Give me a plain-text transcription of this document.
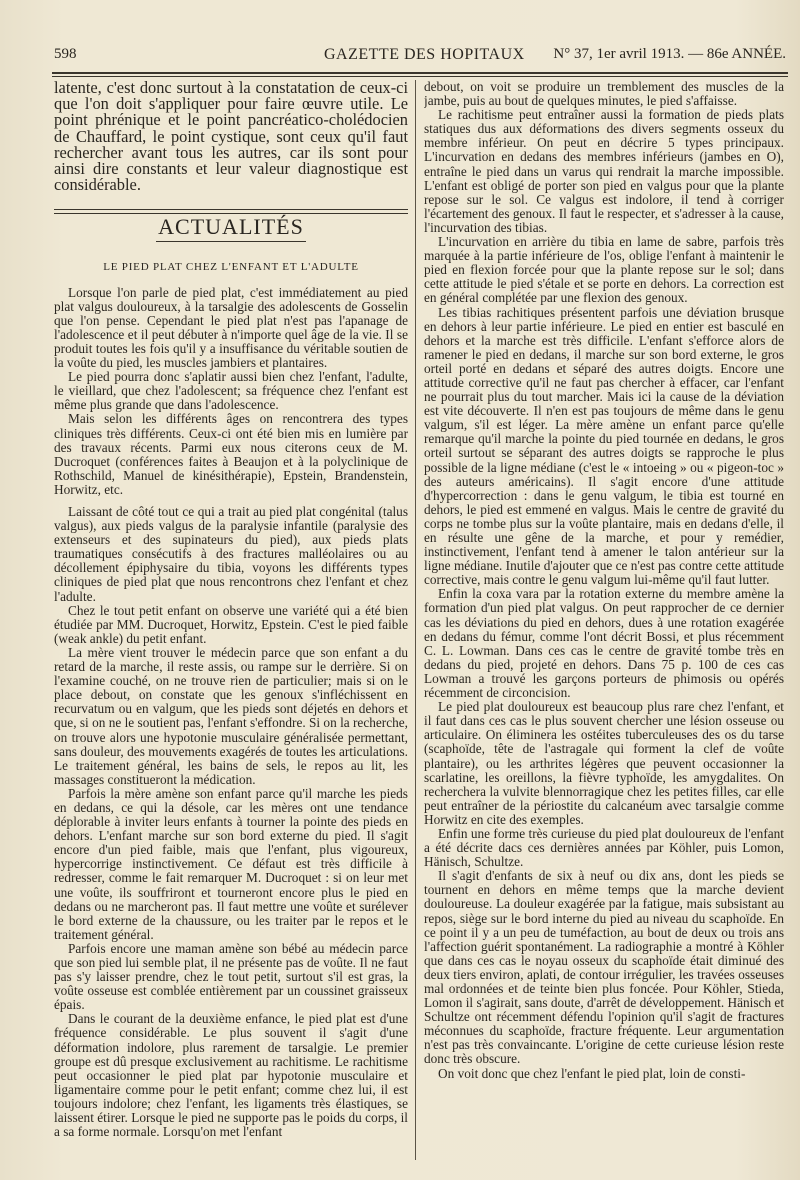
598	GAZETTE DES HOPITAUX N° 37, 1er avril 1913. — 86e ANNÉE.

latente, c'est donc surtout à la constatation de ceux-ci que l'on doit s'appliquer pour faire œuvre utile. Le point phrénique et le point pancréatico-cholédocien de Chauffard, le point cystique, sont ceux qu'il faut rechercher avant tous les autres, car ils sont pour ainsi dire constants et leur valeur diagnostique est considérable.

ACTUALITÉS
LE PIED PLAT CHEZ L'ENFANT ET L'ADULTE

Lorsque l'on parle de pied plat, c'est immédiatement au pied plat valgus douloureux, à la tarsalgie des adolescents de Gosselin que l'on pense. Cependant le pied plat n'est pas l'apanage de l'adolescence et il peut débuter à n'importe quel âge de la vie. Il se produit toutes les fois qu'il y a insuffisance du véritable soutien de la voûte du pied, les muscles jambiers et plantaires.

Le pied pourra donc s'aplatir aussi bien chez l'enfant, l'adulte, le vieillard, que chez l'adolescent; sa fréquence chez l'enfant est même plus grande que dans l'adolescence.

Mais selon les différents âges on rencontrera des types cliniques très différents. Ceux-ci ont été bien mis en lumière par des travaux récents. Parmi eux nous citerons ceux de M. Ducroquet (conférences faites à Beaujon et à la polyclinique de Rothschild, Manuel de kinésithérapie), Epstein, Brandenstein, Horwitz, etc.

Laissant de côté tout ce qui a trait au pied plat congénital (talus valgus), aux pieds valgus de la paralysie infantile (paralysie des extenseurs et des supinateurs du pied), aux pieds plats traumatiques consécutifs à des fractures malléolaires ou au décollement épiphysaire du tibia, voyons les différents types cliniques de pied plat que nous rencontrons chez l'enfant et chez l'adulte.

Chez le tout petit enfant on observe une variété qui a été bien étudiée par MM. Ducroquet, Horwitz, Epstein. C'est le pied faible (weak ankle) du petit enfant.

La mère vient trouver le médecin parce que son enfant a du retard de la marche, il reste assis, ou rampe sur le derrière. Si on l'examine couché, on ne trouve rien de particulier; mais si on le place debout, on constate que les genoux s'infléchissent en recurvatum ou en valgum, que les pieds sont déjetés en dehors et que, si on ne le soutient pas, l'enfant s'effondre. Si on la recherche, on trouve alors une hypotonie musculaire généralisée permettant, sans douleur, des mouvements exagérés de toutes les articulations. Le traitement général, les bains de sels, le repos au lit, les massages constitueront la médication.

Parfois la mère amène son enfant parce qu'il marche les pieds en dedans, ce qui la désole, car les mères ont une tendance déplorable à inviter leurs enfants à tourner la pointe des pieds en dehors. L'enfant marche sur son bord externe du pied. Il s'agit encore d'un pied faible, mais que l'enfant, plus vigoureux, hypercorrige instinctivement. Ce défaut est très difficile à redresser, comme le fait remarquer M. Ducroquet : si on leur met une voûte, ils souffriront et tourneront encore plus le pied en dedans ou ne marcheront pas. Il faut mettre une voûte et surélever le bord externe de la chaussure, ou les traiter par le repos et le traitement général.

Parfois encore une maman amène son bébé au médecin parce que son pied lui semble plat, il ne présente pas de voûte. Il ne faut pas s'y laisser prendre, chez le tout petit, surtout s'il est gras, la voûte osseuse est comblée entièrement par un coussinet graisseux épais.

Dans le courant de la deuxième enfance, le pied plat est d'une fréquence considérable. Le plus souvent il s'agit d'une déformation indolore, plus rarement de tarsalgie. Le premier groupe est dû presque exclusivement au rachitisme. Le rachitisme peut occasionner le pied plat par hypotonie musculaire et ligamentaire comme pour le petit enfant; comme chez lui, il est toujours indolore; chez l'enfant, les ligaments très élastiques, se laissent étirer. Lorsque le pied ne supporte pas le poids du corps, il a sa forme normale. Lorsqu'on met l'enfant

debout, on voit se produire un tremblement des muscles de la jambe, puis au bout de quelques minutes, le pied s'affaisse.

Le rachitisme peut entraîner aussi la formation de pieds plats statiques dus aux déformations des divers segments osseux du membre inférieur. On peut en décrire 5 types principaux. L'incurvation en dedans des membres inférieurs (jambes en O), entraîne le pied dans un varus qui rendrait la marche impossible. L'enfant est obligé de porter son pied en valgus pour que la plante repose sur le sol. Ce valgus est indolore, il tend à corriger l'écartement des genoux. Il faut le respecter, et s'adresser à la cause, l'incurvation des tibias.

L'incurvation en arrière du tibia en lame de sabre, parfois très marquée à la partie inférieure de l'os, oblige l'enfant à maintenir le pied en flexion forcée pour que la plante repose sur le sol; dans cette attitude le pied s'étale et se porte en dehors. La correction est en général complétée par une flexion des genoux.

Les tibias rachitiques présentent parfois une déviation brusque en dehors à leur partie inférieure. Le pied en entier est basculé en dehors et la marche est très difficile. L'enfant s'efforce alors de ramener le pied en dedans, il marche sur son bord externe, le gros orteil porté en dedans et séparé des autres doigts. Encore une attitude corrective qu'il ne faut pas chercher à effacer, car l'enfant ne pourrait plus du tout marcher. Mais ici la cause de la déviation est vite découverte. Il n'en est pas toujours de même dans le genu valgum, s'il est léger. La mère amène un enfant parce qu'elle remarque qu'il marche la pointe du pied tournée en dedans, le gros orteil surtout se séparant des autres doigts se rapproche le plus possible de la ligne médiane (c'est le « intoeing » ou « pigeon-toc » des auteurs américains). Il s'agit encore d'une attitude d'hypercorrection : dans le genu valgum, le tibia est tourné en dehors, le pied est emmené en valgus. Mais le centre de gravité du corps ne tombe plus sur la voûte plantaire, mais en dedans d'elle, il en résulte une gêne de la marche, et pour y remédier, instinctivement, l'enfant tend à amener le talon antérieur sur la ligne médiane. Inutile d'ajouter que ce n'est pas contre cette attitude corrective, mais contre le genu valgum lui-même qu'il faut lutter.

Enfin la coxa vara par la rotation externe du membre amène la formation d'un pied plat valgus. On peut rapprocher de ce dernier cas les déviations du pied en dehors, dues à une rotation exagérée en dedans du fémur, comme l'ont décrit Bossi, et plus récemment C. L. Lowman. Dans ces cas le centre de gravité tombe très en dedans du pied, projeté en dehors. Dans 75 p. 100 de ces cas Lowman a trouvé les garçons porteurs de phimosis ou opérés récemment de circoncision.

Le pied plat douloureux est beaucoup plus rare chez l'enfant, et il faut dans ces cas le plus souvent chercher une lésion osseuse ou articulaire. On éliminera les ostéites tuberculeuses des os du tarse (scaphoïde, tête de l'astragale qui forment la clef de voûte plantaire), ou les arthrites légères que peuvent occasionner la scarlatine, les oreillons, la fièvre typhoïde, les amygdalites. On recherchera la vulvite blennorragique chez les petites filles, car elle peut entraîner de la périostite du calcanéum avec tarsalgie comme Horwitz en cite des exemples.

Enfin une forme très curieuse du pied plat douloureux de l'enfant a été décrite dacs ces dernières années par Köhler, puis Lomon, Hänisch, Schultze.

Il s'agit d'enfants de six à neuf ou dix ans, dont les pieds se tournent en dehors en même temps que la marche devient douloureuse. La douleur exagérée par la fatigue, mais subsistant au repos, siège sur le bord interne du pied au niveau du scaphoïde. En ce point il y a un peu de tuméfaction, au bout de deux ou trois ans l'affection guérit spontanément. La radiographie a montré à Köhler que dans ces cas le noyau osseux du scaphoïde était diminué des deux tiers environ, aplati, de contour irrégulier, les travées osseuses mal ordonnées et de teinte bien plus foncée. Pour Köhler, Stieda, Lomon il s'agirait, sans doute, d'arrêt de développement. Hänisch et Schultze ont récemment défendu l'opinion qu'il s'agit de fractures méconnues du scaphoïde, fracture fréquente. Leur argumentation n'est pas très convaincante. L'origine de cette curieuse lésion reste donc très obscure.

On voit donc que chez l'enfant le pied plat, loin de consti-
